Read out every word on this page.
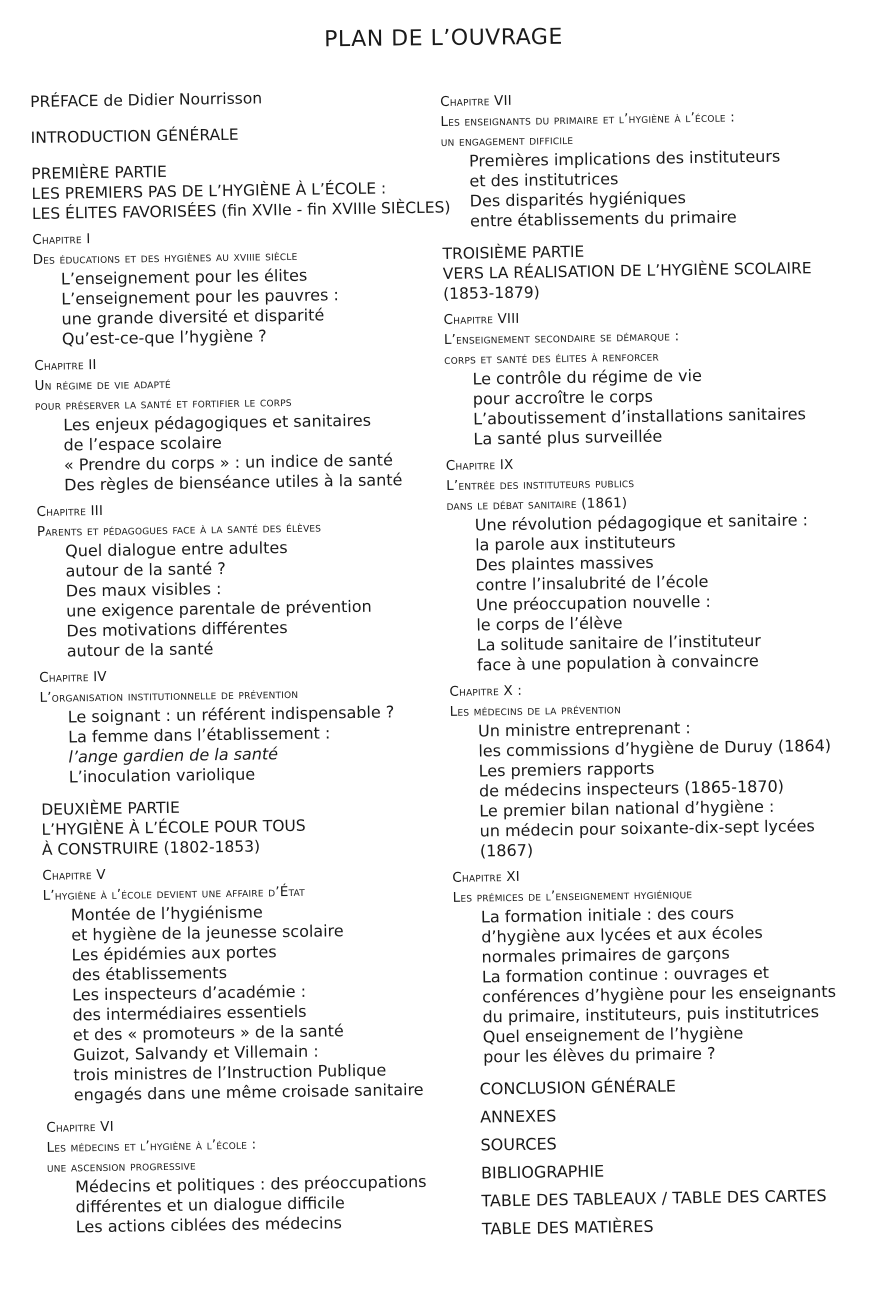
PLAN DE L’OUVRAGE
PRÉFACE de Didier Nourrisson
INTRODUCTION GÉNÉRALE
PREMIÈRE PARTIE
LES PREMIERS PAS DE L’HYGIÈNE À L’ÉCOLE :
LES ÉLITES FAVORISÉES (fin XVIIe - fin XVIIIe SIÈCLES)
Chapitre I
Des éducations et des hygiènes au xviiie siècle
L’enseignement pour les élites
L’enseignement pour les pauvres :
une grande diversité et disparité
Qu’est-ce-que l’hygiène ?
Chapitre II
Un régime de vie adapté
pour préserver la santé et fortifier le corps
Les enjeux pédagogiques et sanitaires
de l’espace scolaire
« Prendre du corps » : un indice de santé
Des règles de bienséance utiles à la santé
Chapitre III
Parents et pédagogues face à la santé des élèves
Quel dialogue entre adultes
autour de la santé ?
Des maux visibles :
une exigence parentale de prévention
Des motivations différentes
autour de la santé
Chapitre IV
L’organisation institutionnelle de prévention
Le soignant : un référent indispensable ?
La femme dans l’établissement :
l’ange gardien de la santé
L’inoculation variolique
DEUXIÈME PARTIE
L’HYGIÈNE À L’ÉCOLE POUR TOUS
À CONSTRUIRE (1802-1853)
Chapitre V
L’hygiène à l’école devient une affaire d’État
Montée de l’hygiénisme
et hygiène de la jeunesse scolaire
Les épidémies aux portes
des établissements
Les inspecteurs d’académie :
des intermédiaires essentiels
et des « promoteurs » de la santé
Guizot, Salvandy et Villemain :
trois ministres de l’Instruction Publique
engagés dans une même croisade sanitaire
Chapitre VI
Les médecins et l’hygiène à l’école :
une ascension progressive
Médecins et politiques : des préoccupations
différentes et un dialogue difficile
Les actions ciblées des médecins
Chapitre VII
Les enseignants du primaire et l’hygiène à l’école :
un engagement difficile
Premières implications des instituteurs
et des institutrices
Des disparités hygiéniques
entre établissements du primaire
TROISIÈME PARTIE
VERS LA RÉALISATION DE L’HYGIÈNE SCOLAIRE
(1853-1879)
Chapitre VIII
L’enseignement secondaire se démarque :
corps et santé des élites à renforcer
Le contrôle du régime de vie
pour accroître le corps
L’aboutissement d’installations sanitaires
La santé plus surveillée
Chapitre IX
L’entrée des instituteurs publics
dans le débat sanitaire (1861)
Une révolution pédagogique et sanitaire :
la parole aux instituteurs
Des plaintes massives
contre l’insalubrité de l’école
Une préoccupation nouvelle :
le corps de l’élève
La solitude sanitaire de l’instituteur
face à une population à convaincre
Chapitre X :
Les médecins de la prévention
Un ministre entreprenant :
les commissions d’hygiène de Duruy (1864)
Les premiers rapports
de médecins inspecteurs (1865-1870)
Le premier bilan national d’hygiène :
un médecin pour soixante-dix-sept lycées
(1867)
Chapitre XI
Les prémices de l’enseignement hygiénique
La formation initiale : des cours
d’hygiène aux lycées et aux écoles
normales primaires de garçons
La formation continue : ouvrages et
conférences d’hygiène pour les enseignants
du primaire, instituteurs, puis institutrices
Quel enseignement de l’hygiène
pour les élèves du primaire ?
CONCLUSION GÉNÉRALE
ANNEXES
SOURCES
BIBLIOGRAPHIE
TABLE DES TABLEAUX / TABLE DES CARTES
TABLE DES MATIÈRES
